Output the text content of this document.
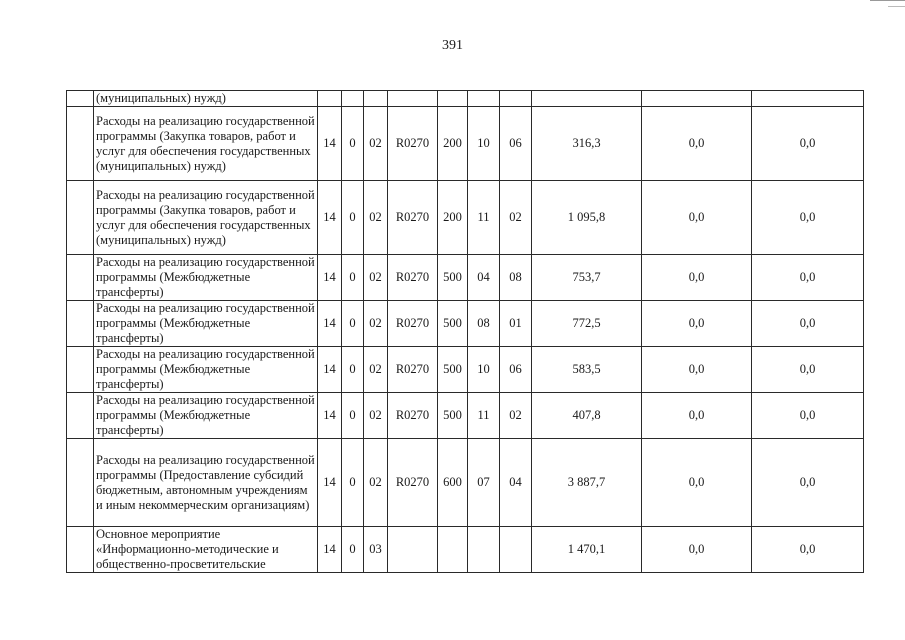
391
	(муниципальных) нужд)										
	Расходы на реализацию государственной программы (Закупка товаров, работ и услуг для обеспечения государственных (муниципальных) нужд)	14	0	02	R0270	200	10	06	316,3	0,0	0,0
	Расходы на реализацию государственной программы (Закупка товаров, работ и услуг для обеспечения государственных (муниципальных) нужд)	14	0	02	R0270	200	11	02	1 095,8	0,0	0,0
	Расходы на реализацию государственной программы (Межбюджетные трансферты)	14	0	02	R0270	500	04	08	753,7	0,0	0,0
	Расходы на реализацию государственной программы (Межбюджетные трансферты)	14	0	02	R0270	500	08	01	772,5	0,0	0,0
	Расходы на реализацию государственной программы (Межбюджетные трансферты)	14	0	02	R0270	500	10	06	583,5	0,0	0,0
	Расходы на реализацию государственной программы (Межбюджетные трансферты)	14	0	02	R0270	500	11	02	407,8	0,0	0,0
	Расходы на реализацию государственной программы (Предоставление субсидий бюджетным, автономным учреждениям и иным некоммерческим организациям)	14	0	02	R0270	600	07	04	3 887,7	0,0	0,0
	Основное мероприятие «Информационно-методические и общественно-просветительские	14	0	03					1 470,1	0,0	0,0
